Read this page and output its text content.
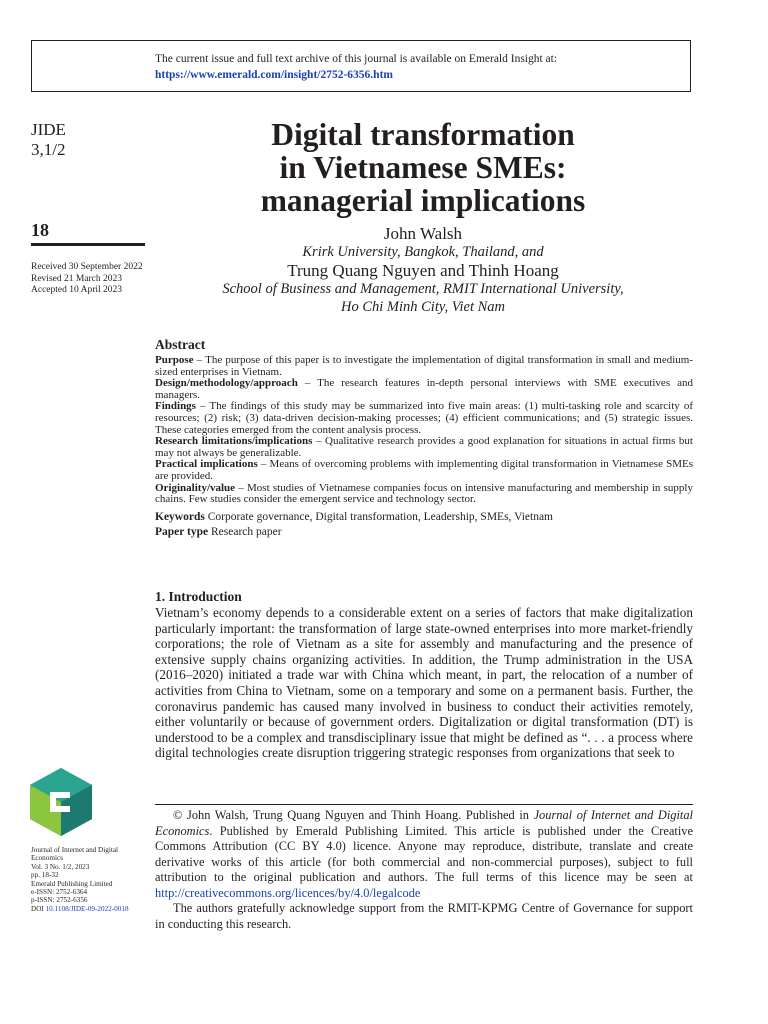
The current issue and full text archive of this journal is available on Emerald Insight at:
https://www.emerald.com/insight/2752-6356.htm
JIDE
3,1/2
18
Received 30 September 2022
Revised 21 March 2023
Accepted 10 April 2023
Digital transformation
in Vietnamese SMEs:
managerial implications
John Walsh
Krirk University, Bangkok, Thailand, and
Trung Quang Nguyen and Thinh Hoang
School of Business and Management, RMIT International University,
Ho Chi Minh City, Viet Nam
Abstract

Purpose – The purpose of this paper is to investigate the implementation of digital transformation in small and medium-sized enterprises in Vietnam.

Design/methodology/approach – The research features in-depth personal interviews with SME executives and managers.

Findings – The findings of this study may be summarized into five main areas: (1) multi-tasking role and scarcity of resources; (2) risk; (3) data-driven decision-making processes; (4) efficient communications; and (5) strategic issues. These categories emerged from the content analysis process.

Research limitations/implications – Qualitative research provides a good explanation for situations in actual firms but may not always be generalizable.

Practical implications – Means of overcoming problems with implementing digital transformation in Vietnamese SMEs are provided.

Originality/value – Most studies of Vietnamese companies focus on intensive manufacturing and membership in supply chains. Few studies consider the emergent service and technology sector.

Keywords Corporate governance, Digital transformation, Leadership, SMEs, Vietnam

Paper type Research paper

1. Introduction

Vietnam’s economy depends to a considerable extent on a series of factors that make digitalization particularly important: the transformation of large state-owned enterprises into more market-friendly corporations; the role of Vietnam as a site for assembly and manufacturing and the presence of extensive supply chains organizing activities. In addition, the Trump administration in the USA (2016–2020) initiated a trade war with China which meant, in part, the relocation of a number of activities from China to Vietnam, some on a temporary and some on a permanent basis. Further, the coronavirus pandemic has caused many involved in business to conduct their activities remotely, either voluntarily or because of government orders. Digitalization or digital transformation (DT) is understood to be a complex and transdisciplinary issue that might be defined as “. . . a process where digital technologies create disruption triggering strategic responses from organizations that seek to

© John Walsh, Trung Quang Nguyen and Thinh Hoang. Published in Journal of Internet and Digital Economics. Published by Emerald Publishing Limited. This article is published under the Creative Commons Attribution (CC BY 4.0) licence. Anyone may reproduce, distribute, translate and create derivative works of this article (for both commercial and non-commercial purposes), subject to full attribution to the original publication and authors. The full terms of this licence may be seen at http://creativecommons.org/licences/by/4.0/legalcode

The authors gratefully acknowledge support from the RMIT-KPMG Centre of Governance for support in conducting this research.

Journal of Internet and Digital Economics
Vol. 3 No. 1/2, 2023
pp. 18-32
Emerald Publishing Limited
e-ISSN: 2752-6364
p-ISSN: 2752-6356
DOI 10.1108/JIDE-09-2022-0018
